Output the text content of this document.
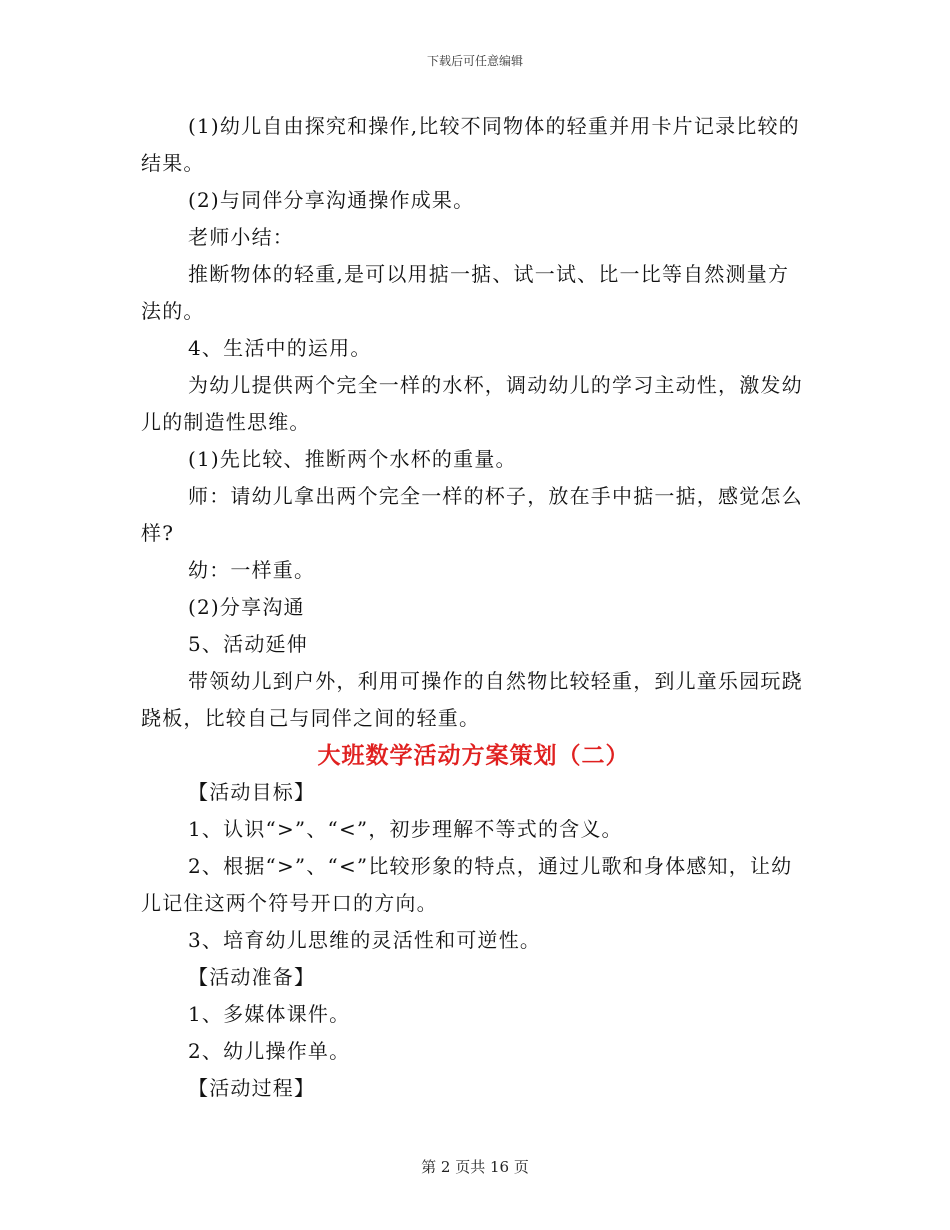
下载后可任意编辑

(1)幼儿自由探究和操作,比较不同物体的轻重并用卡片记录比较的结果。

(2)与同伴分享沟通操作成果。

老师小结：

推断物体的轻重,是可以用掂一掂、试一试、比一比等自然测量方法的。

4、生活中的运用。

为幼儿提供两个完全一样的水杯，调动幼儿的学习主动性，激发幼儿的制造性思维。

(1)先比较、推断两个水杯的重量。

师：请幼儿拿出两个完全一样的杯子，放在手中掂一掂，感觉怎么样?

幼：一样重。

(2)分享沟通

5、活动延伸

带领幼儿到户外，利用可操作的自然物比较轻重，到儿童乐园玩跷跷板，比较自己与同伴之间的轻重。

大班数学活动方案策划（二）

【活动目标】

1、认识“>”、“<”，初步理解不等式的含义。

2、根据“>”、“<”比较形象的特点，通过儿歌和身体感知，让幼儿记住这两个符号开口的方向。

3、培育幼儿思维的灵活性和可逆性。

【活动准备】

1、多媒体课件。

2、幼儿操作单。

【活动过程】

第 2 页共 16 页
